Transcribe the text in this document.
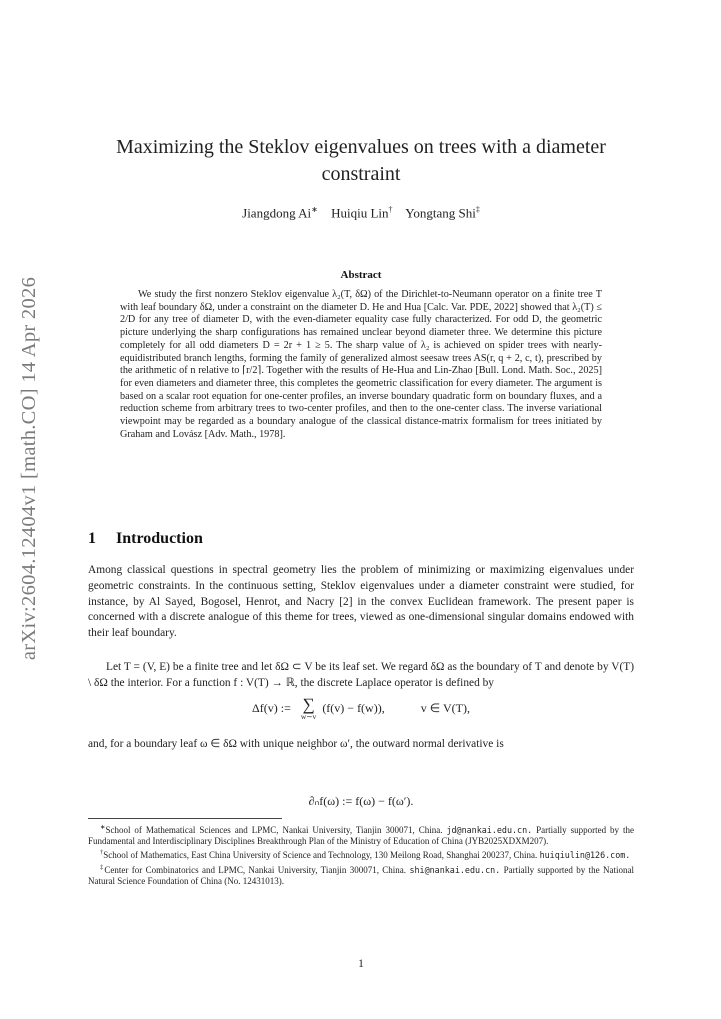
arXiv:2604.12404v1 [math.CO] 14 Apr 2026
Maximizing the Steklov eigenvalues on trees with a diameter constraint
Jiangdong Ai∗ Huiqiu Lin† Yongtang Shi‡
Abstract

We study the first nonzero Steklov eigenvalue λ₂(T, δΩ) of the Dirichlet-to-Neumann operator on a finite tree T with leaf boundary δΩ, under a constraint on the diameter D. He and Hua [Calc. Var. PDE, 2022] showed that λ₂(T) ≤ 2/D for any tree of diameter D, with the even-diameter equality case fully characterized. For odd D, the geometric picture underlying the sharp configurations has remained unclear beyond diameter three. We determine this picture completely for all odd diameters D = 2r + 1 ≥ 5. The sharp value of λ₂ is achieved on spider trees with nearly-equidistributed branch lengths, forming the family of generalized almost seesaw trees AS(r, q + 2, c, t), prescribed by the arithmetic of n relative to ⌈r/2⌉. Together with the results of He-Hua and Lin-Zhao [Bull. Lond. Math. Soc., 2025] for even diameters and diameter three, this completes the geometric classification for every diameter. The argument is based on a scalar root equation for one-center profiles, an inverse boundary quadratic form on boundary fluxes, and a reduction scheme from arbitrary trees to two-center profiles, and then to the one-center class. The inverse variational viewpoint may be regarded as a boundary analogue of the classical distance-matrix formalism for trees initiated by Graham and Lovász [Adv. Math., 1978].

1 Introduction

Among classical questions in spectral geometry lies the problem of minimizing or maximizing eigenvalues under geometric constraints. In the continuous setting, Steklov eigenvalues under a diameter constraint were studied, for instance, by Al Sayed, Bogosel, Henrot, and Nacry [2] in the convex Euclidean framework. The present paper is concerned with a discrete analogue of this theme for trees, viewed as one-dimensional singular domains endowed with their leaf boundary.

Let T = (V, E) be a finite tree and let δΩ ⊂ V be its leaf set. We regard δΩ as the boundary of T and denote by V(T) \ δΩ the interior. For a function f : V(T) → ℝ, the discrete Laplace operator is defined by

Δf(v) := ∑
w∼v
(f(v) − f(w)),	v ∈ V(T),

and, for a boundary leaf ω ∈ δΩ with unique neighbor ω′, the outward normal derivative is

∂ₙf(ω) := f(ω) − f(ω′).

∗School of Mathematical Sciences and LPMC, Nankai University, Tianjin 300071, China. jd@nankai.edu.cn. Partially supported by the Fundamental and Interdisciplinary Disciplines Breakthrough Plan of the Ministry of Education of China (JYB2025XDXM207).

†School of Mathematics, East China University of Science and Technology, 130 Meilong Road, Shanghai 200237, China. huiqiulin@126.com.

‡Center for Combinatorics and LPMC, Nankai University, Tianjin 300071, China. shi@nankai.edu.cn. Partially supported by the National Natural Science Foundation of China (No. 12431013).

1
